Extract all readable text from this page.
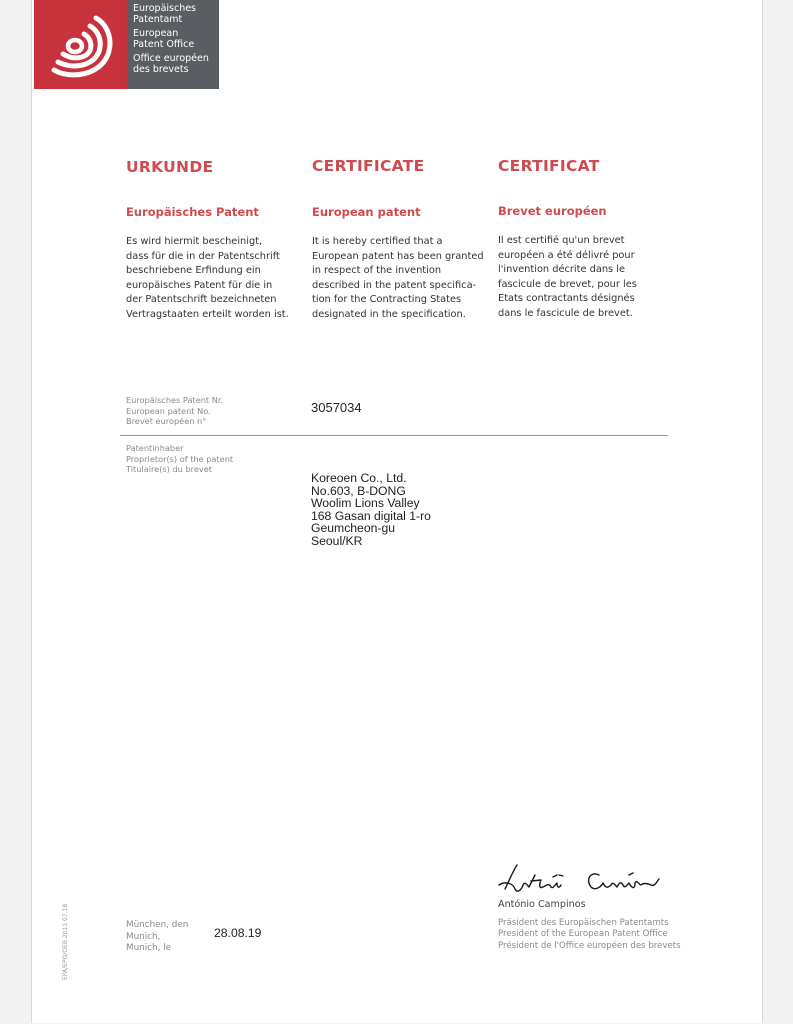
Europäisches
Patentamt
European
Patent Office
Office européen
des brevets
URKUNDE
Europäisches Patent
Es wird hiermit bescheinigt,
dass für die in der Patentschrift
beschriebene Erfindung ein
europäisches Patent für die in
der Patentschrift bezeichneten
Vertragstaaten erteilt worden ist.
CERTIFICATE
European patent
It is hereby certified that a
European patent has been granted
in respect of the invention
described in the patent specifica-
tion for the Contracting States
designated in the specification.
CERTIFICAT
Brevet européen
Il est certifié qu'un brevet
européen a été délivré pour
l'invention décrite dans le
fascicule de brevet, pour les
Etats contractants désignés
dans le fascicule de brevet.
Europäisches Patent Nr.
European patent No.
Brevet européen n°
3057034
Patentinhaber
Proprietor(s) of the patent
Titulaire(s) du brevet
Koreoen Co., Ltd.
No.603, B-DONG
Woolim Lions Valley
168 Gasan digital 1-ro
Geumcheon-gu
Seoul/KR
António Campinos
Präsident des Europäischen Patentamts
President of the European Patent Office
Président de l'Office européen des brevets
München, den
Munich,
Munich, le
28.08.19
EPA/EPO/OEB 2011 07.18
